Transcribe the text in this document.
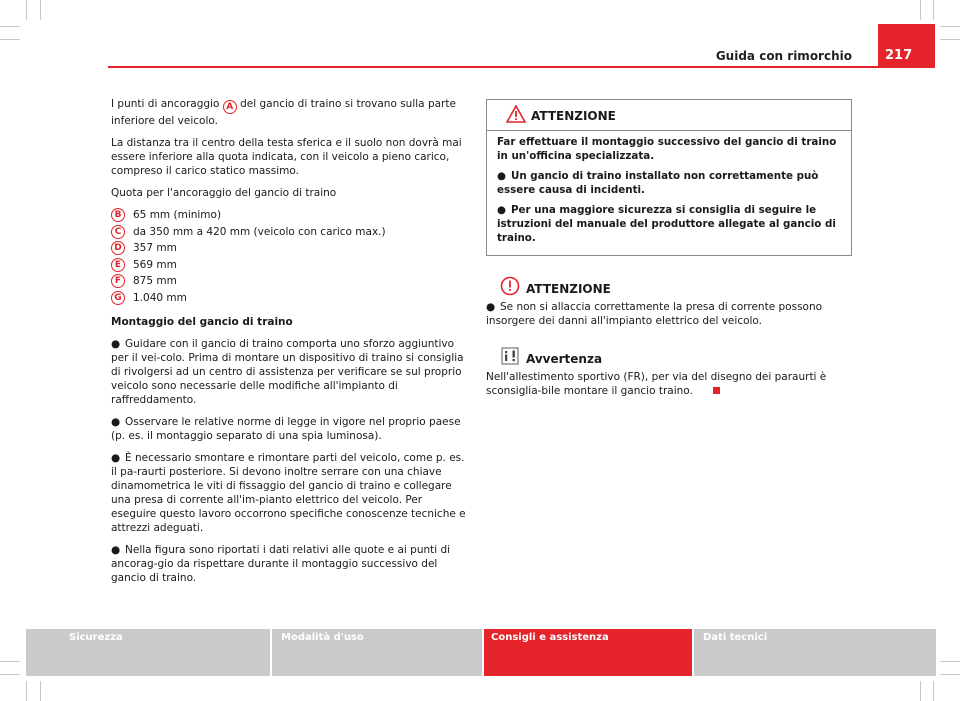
Guida con rimorchio	217

I punti di ancoraggio A del gancio di traino si trovano sulla parte inferiore del veicolo.

La distanza tra il centro della testa sferica e il suolo non dovrà mai essere inferiore alla quota indicata, con il veicolo a pieno carico, compreso il carico statico massimo.

Quota per l'ancoraggio del gancio di traino

B	65 mm (minimo)
C	da 350 mm a 420 mm (veicolo con carico max.)
D	357 mm
E	569 mm
F	875 mm
G	1.040 mm

Montaggio del gancio di traino

● Guidare con il gancio di traino comporta uno sforzo aggiuntivo per il vei-colo. Prima di montare un dispositivo di traino si consiglia di rivolgersi ad un centro di assistenza per verificare se sul proprio veicolo sono necessarie delle modifiche all'impianto di raffreddamento.

● Osservare le relative norme di legge in vigore nel proprio paese (p. es. il montaggio separato di una spia luminosa).

● È necessario smontare e rimontare parti del veicolo, come p. es. il pa-raurti posteriore. Si devono inoltre serrare con una chiave dinamometrica le viti di fissaggio del gancio di traino e collegare una presa di corrente all'im-pianto elettrico del veicolo. Per eseguire questo lavoro occorrono specifiche conoscenze tecniche e attrezzi adeguati.

● Nella figura sono riportati i dati relativi alle quote e ai punti di ancorag-gio da rispettare durante il montaggio successivo del gancio di traino.

ATTENZIONE

Far effettuare il montaggio successivo del gancio di traino in un'officina specializzata.

● Un gancio di traino installato non correttamente può essere causa di incidenti.

● Per una maggiore sicurezza si consiglia di seguire le istruzioni del manuale del produttore allegate al gancio di traino.

ATTENZIONE

● Se non si allaccia correttamente la presa di corrente possono insorgere dei danni all'impianto elettrico del veicolo.

Avvertenza

Nell'allestimento sportivo (FR), per via del disegno dei paraurti è sconsiglia-bile montare il gancio traino.

Sicurezza	Modalità d'uso	Consigli e assistenza	Dati tecnici
